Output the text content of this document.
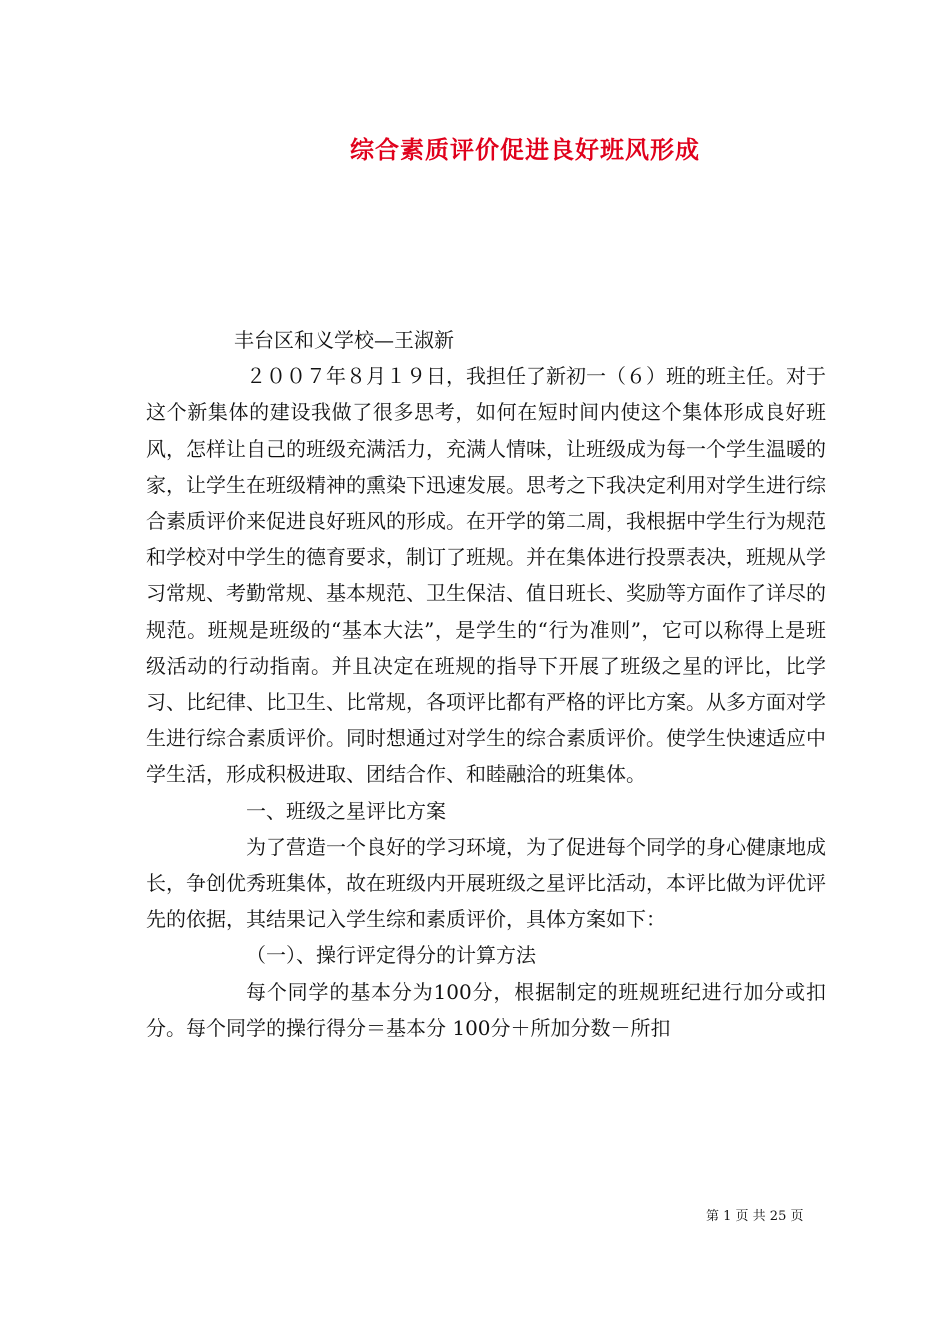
综合素质评价促进良好班风形成

丰台区和义学校—王淑新

２００７年８月１９日，我担任了新初一（６）班的班主任。对于这个新集体的建设我做了很多思考，如何在短时间内使这个集体形成良好班风，怎样让自己的班级充满活力，充满人情味，让班级成为每一个学生温暖的家，让学生在班级精神的熏染下迅速发展。思考之下我决定利用对学生进行综合素质评价来促进良好班风的形成。在开学的第二周，我根据中学生行为规范和学校对中学生的德育要求，制订了班规。并在集体进行投票表决，班规从学习常规、考勤常规、基本规范、卫生保洁、值日班长、奖励等方面作了详尽的规范。班规是班级的“基本大法”，是学生的“行为准则”，它可以称得上是班级活动的行动指南。并且决定在班规的指导下开展了班级之星的评比，比学习、比纪律、比卫生、比常规，各项评比都有严格的评比方案。从多方面对学生进行综合素质评价。同时想通过对学生的综合素质评价。使学生快速适应中学生活，形成积极进取、团结合作、和睦融洽的班集体。

一、班级之星评比方案

为了营造一个良好的学习环境，为了促进每个同学的身心健康地成长，争创优秀班集体，故在班级内开展班级之星评比活动，本评比做为评优评先的依据，其结果记入学生综和素质评价，具体方案如下：

（一）、操行评定得分的计算方法

每个同学的基本分为100分，根据制定的班规班纪进行加分或扣分。每个同学的操行得分＝基本分 100分＋所加分数－所扣

第 1 页 共 25 页
